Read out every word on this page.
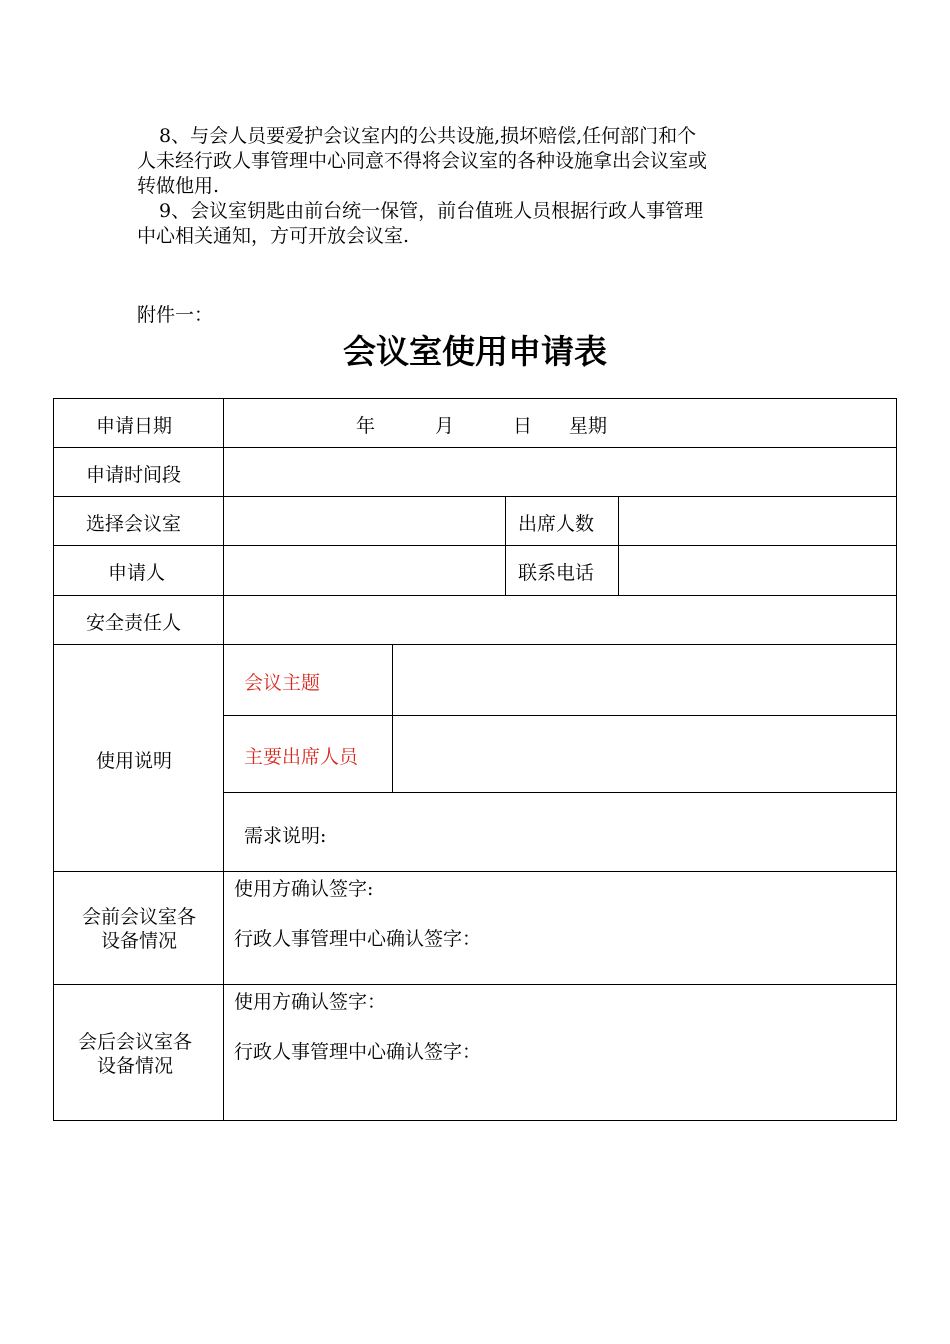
8、与会人员要爱护会议室内的公共设施,损坏赔偿,任何部门和个

人未经行政人事管理中心同意不得将会议室的各种设施拿出会议室或

转做他用.

9、会议室钥匙由前台统一保管，前台值班人员根据行政人事管理

中心相关通知，方可开放会议室.

附件一：
会议室使用申请表
申请日期	年	月	日 星期
申请时间段
选择会议室	出席人数
申请人	联系电话
安全责任人
使用说明
会议主题
主要出席人员
需求说明:
会前会议室各
设备情况
使用方确认签字:
行政人事管理中心确认签字：
会后会议室各
设备情况
使用方确认签字：
行政人事管理中心确认签字：
